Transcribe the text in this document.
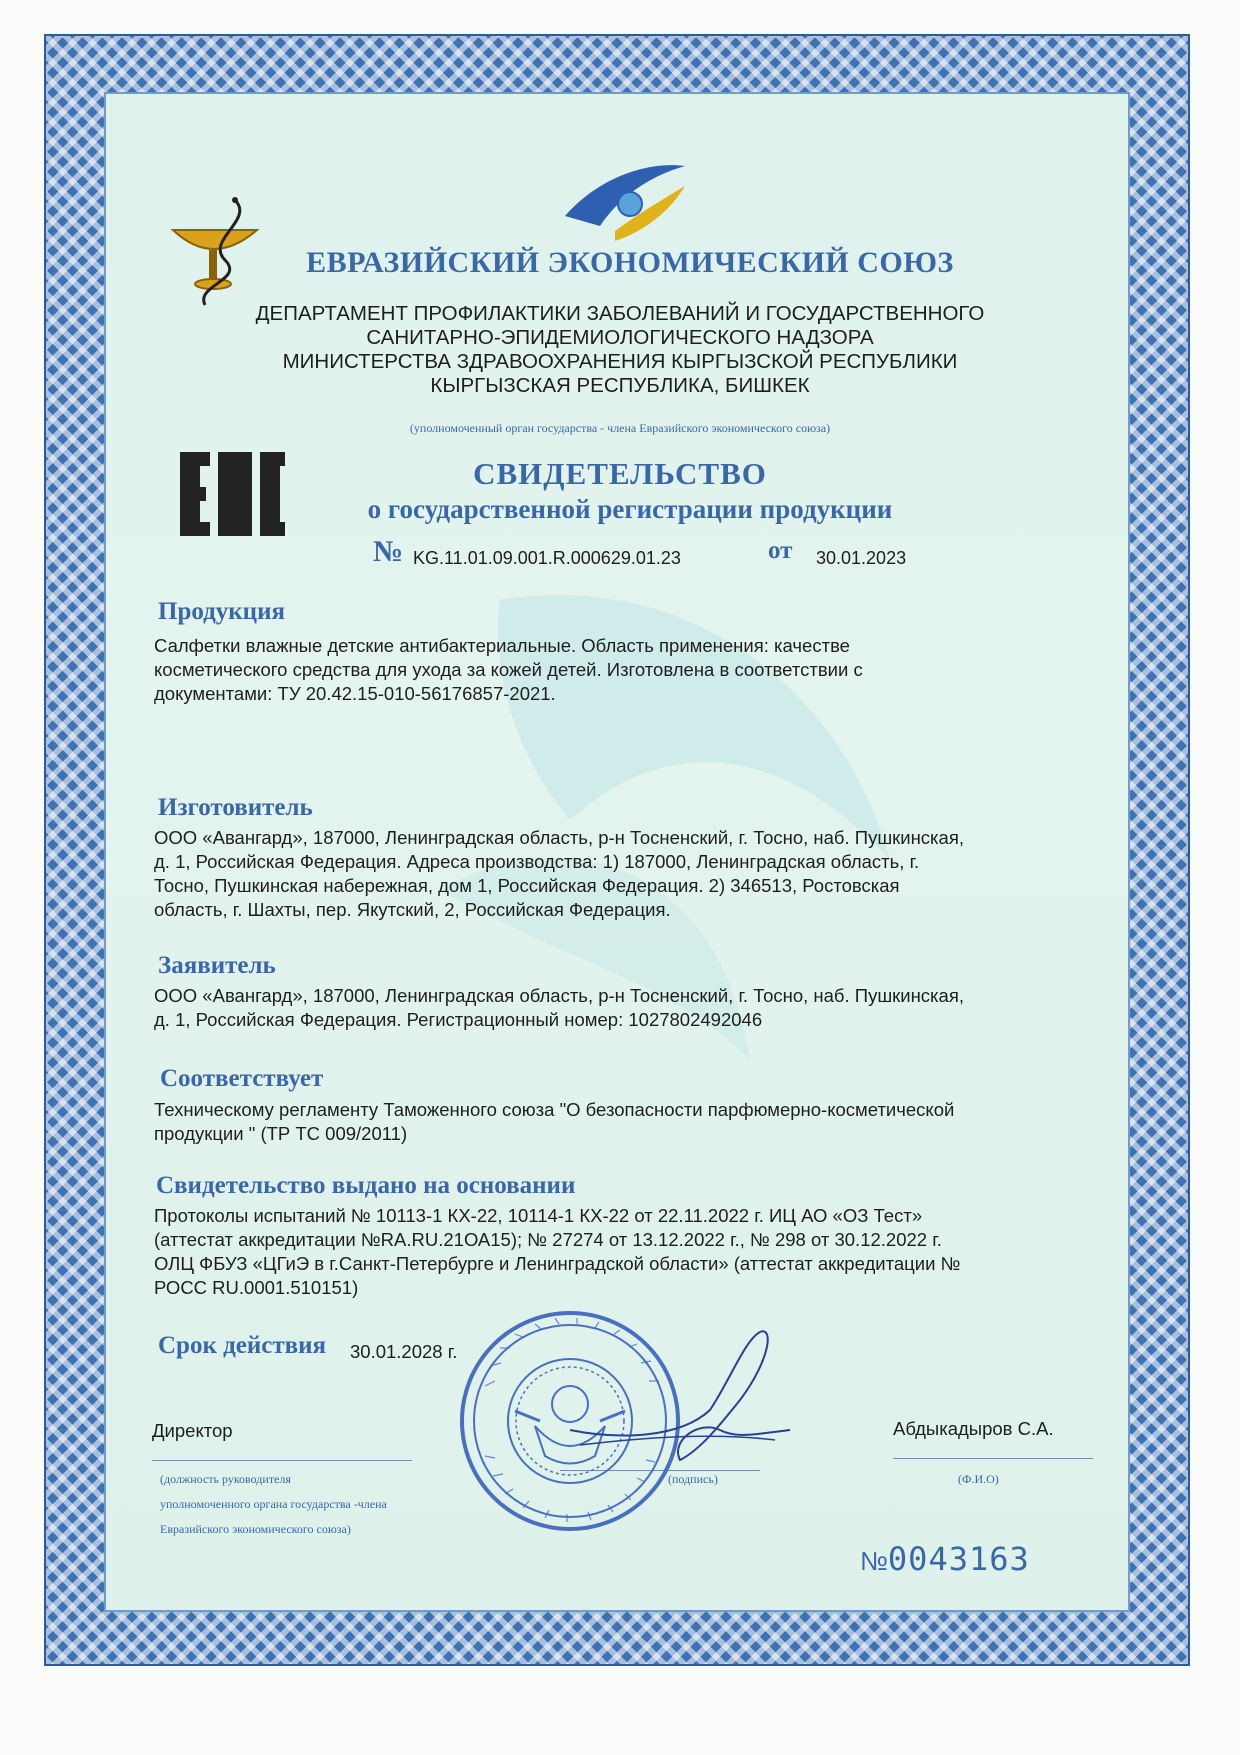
ЕВРАЗИЙСКИЙ ЭКОНОМИЧЕСКИЙ СОЮЗ
ДЕПАРТАМЕНТ ПРОФИЛАКТИКИ ЗАБОЛЕВАНИЙ И ГОСУДАРСТВЕННОГО
САНИТАРНО-ЭПИДЕМИОЛОГИЧЕСКОГО НАДЗОРА
МИНИСТЕРСТВА ЗДРАВООХРАНЕНИЯ КЫРГЫЗСКОЙ РЕСПУБЛИКИ
КЫРГЫЗСКАЯ РЕСПУБЛИКА, БИШКЕК
(уполномоченный орган государства - члена Евразийского экономического союза)
СВИДЕТЕЛЬСТВО
о государственной регистрации продукции
№ KG.11.01.09.001.R.000629.01.23	от 30.01.2023
Продукция
Салфетки влажные детские антибактериальные. Область применения: качестве
косметического средства для ухода за кожей детей. Изготовлена в соответствии с
документами: ТУ 20.42.15-010-56176857-2021.
Изготовитель
ООО «Авангард», 187000, Ленинградская область, р-н Тосненский, г. Тосно, наб. Пушкинская,
д. 1, Российская Федерация. Адреса производства: 1) 187000, Ленинградская область, г.
Тосно, Пушкинская набережная, дом 1, Российская Федерация. 2) 346513, Ростовская
область, г. Шахты, пер. Якутский, 2, Российская Федерация.
Заявитель
ООО «Авангард», 187000, Ленинградская область, р-н Тосненский, г. Тосно, наб. Пушкинская,
д. 1, Российская Федерация. Регистрационный номер: 1027802492046
Соответствует
Техническому регламенту Таможенного союза "О безопасности парфюмерно-косметической
продукции " (ТР ТС 009/2011)
Свидетельство выдано на основании
Протоколы испытаний № 10113-1 КХ-22, 10114-1 КХ-22 от 22.11.2022 г. ИЦ АО «ОЗ Тест»
(аттестат аккредитации №RA.RU.21ОА15); № 27274 от 13.12.2022 г., № 298 от 30.12.2022 г.
ОЛЦ ФБУЗ «ЦГиЭ в г.Санкт-Петербурге и Ленинградской области» (аттестат аккредитации №
РОСС RU.0001.510151)
Срок действия 30.01.2028 г.
Директор	Абдыкадыров С.А.
(должность руководителя
уполномоченного органа государства -члена
Евразийского экономического союза)
(подпись)	(Ф.И.О)
№0043163
